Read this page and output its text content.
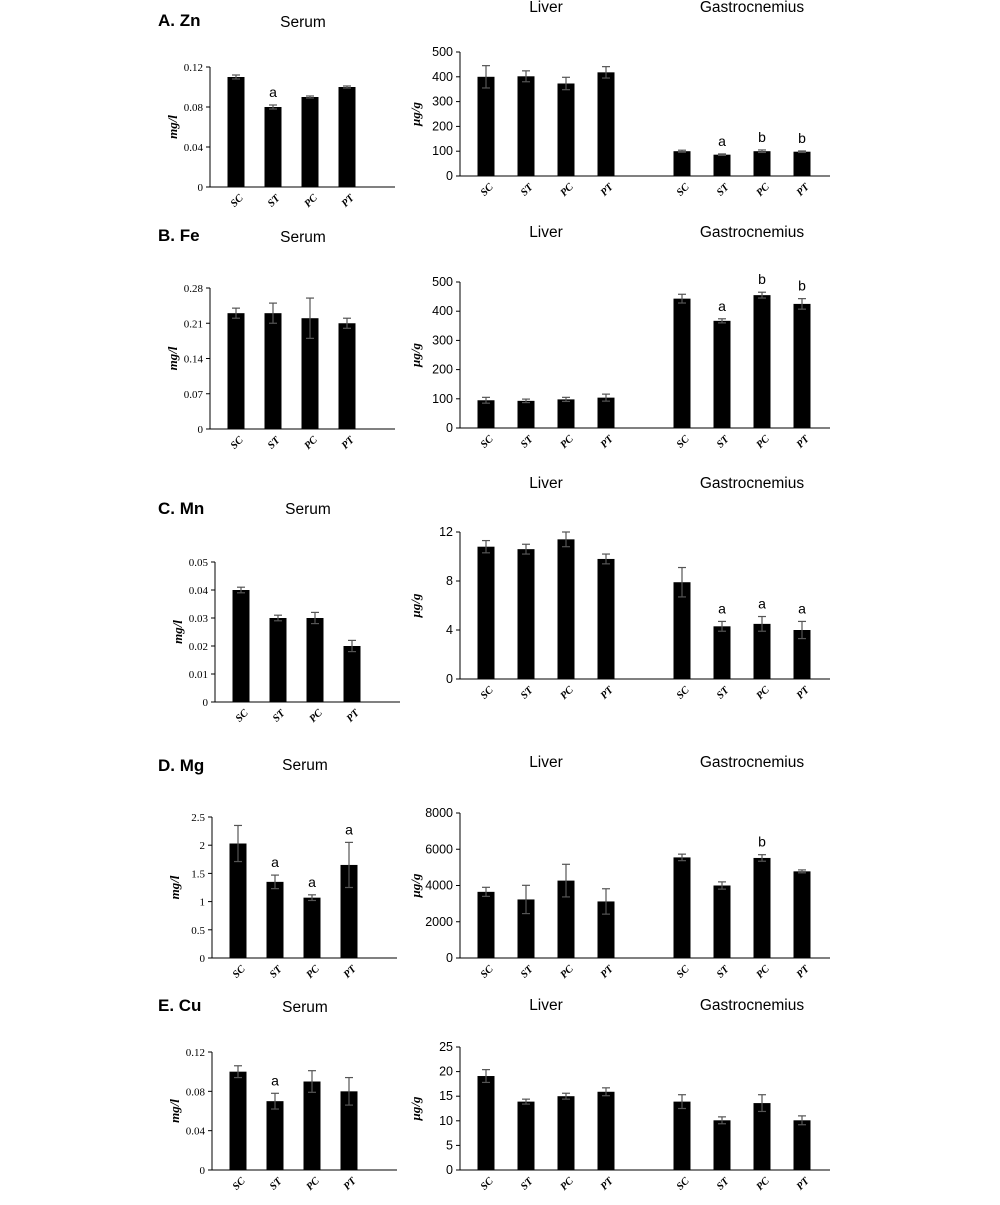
A. Zn	Serum
0
0.04
0.08
0.12
mg/l
SC
a
ST PC PT
0
100
200
300
400
500
µg/g
Liver
SC ST PC PT
Gastrocnemius
SC
a
ST
b
PC
b
PT
B. Fe	Serum
0
0.07
0.14
0.21
0.28
mg/l
SC ST PC PT
0
100
200
300
400
500
µg/g
Liver
SC ST PC PT
Gastrocnemius
SC
a
ST
b
PC
b
PT
C. Mn	Serum
0
0.01
0.02
0.03
0.04
0.05
mg/l
SC ST PC PT
0
4
8
12
µg/g
Liver
SC ST PC PT
Gastrocnemius
SC
a
ST
a
PC
a
PT
D. Mg	Serum
0
0.5
1
1.5
2
2.5
mg/l
SC
a
ST
a
PC
a
PT
0
2000
4000
6000
8000
µg/g
Liver
SC ST PC PT
Gastrocnemius
SC ST
b
PC PT
E. Cu	Serum
0
0.04
0.08
0.12
mg/l
SC
a
ST PC PT
0
5
10
15
20
25
µg/g
Liver
SC ST PC PT
Gastrocnemius
SC ST PC PT
